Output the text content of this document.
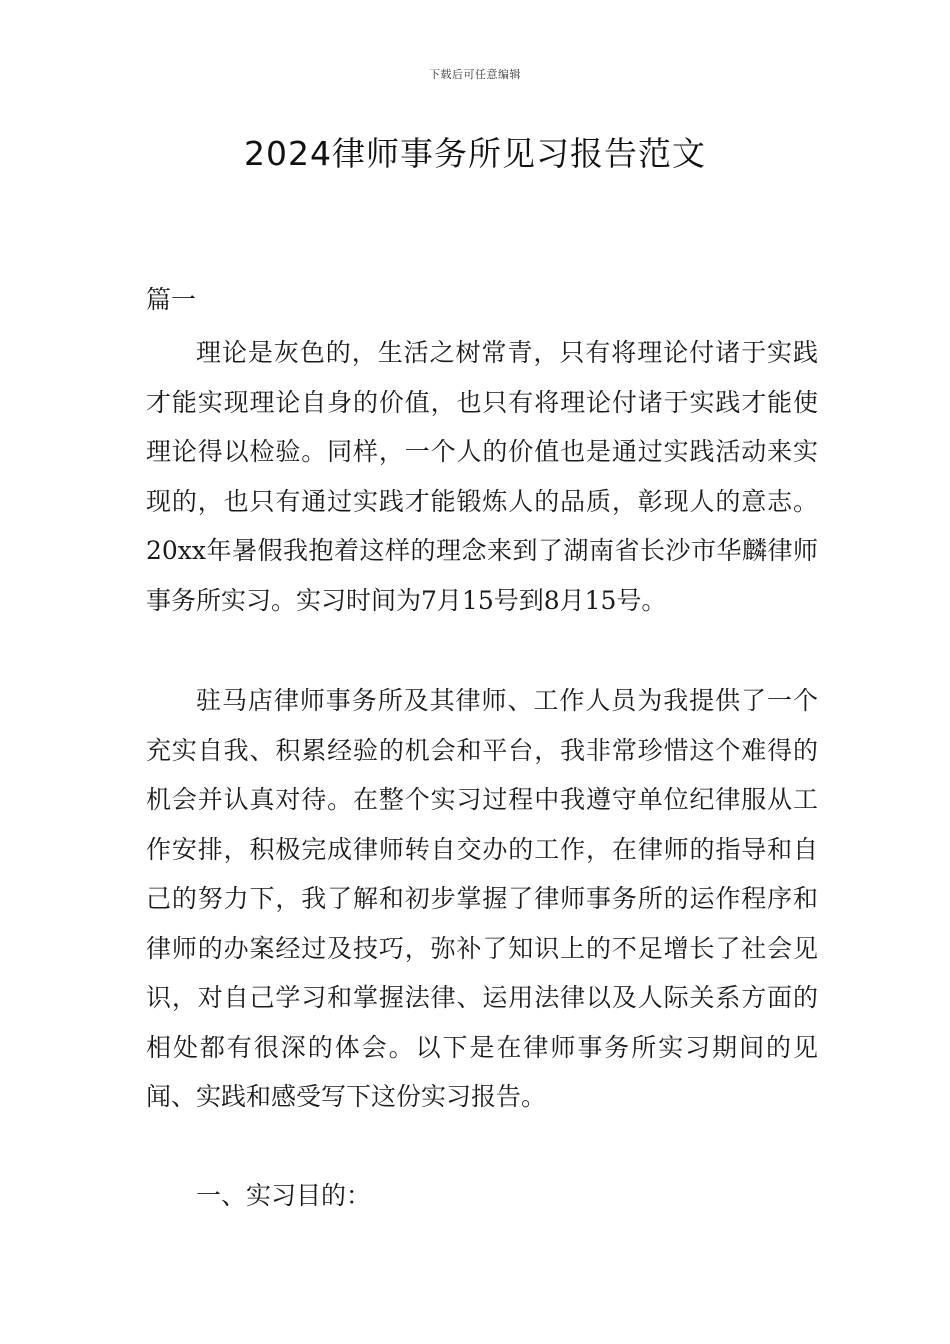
下载后可任意编辑
2024律师事务所见习报告范文

篇一

理论是灰色的，生活之树常青，只有将理论付诸于实践才能实现理论自身的价值，也只有将理论付诸于实践才能使理论得以检验。同样，一个人的价值也是通过实践活动来实现的，也只有通过实践才能锻炼人的品质，彰现人的意志。20xx年暑假我抱着这样的理念来到了湖南省长沙市华麟律师事务所实习。实习时间为7月15号到8月15号。

驻马店律师事务所及其律师、工作人员为我提供了一个充实自我、积累经验的机会和平台，我非常珍惜这个难得的机会并认真对待。在整个实习过程中我遵守单位纪律服从工作安排，积极完成律师转自交办的工作，在律师的指导和自己的努力下，我了解和初步掌握了律师事务所的运作程序和律师的办案经过及技巧，弥补了知识上的不足增长了社会见识，对自己学习和掌握法律、运用法律以及人际关系方面的相处都有很深的体会。以下是在律师事务所实习期间的见闻、实践和感受写下这份实习报告。

一、实习目的：
